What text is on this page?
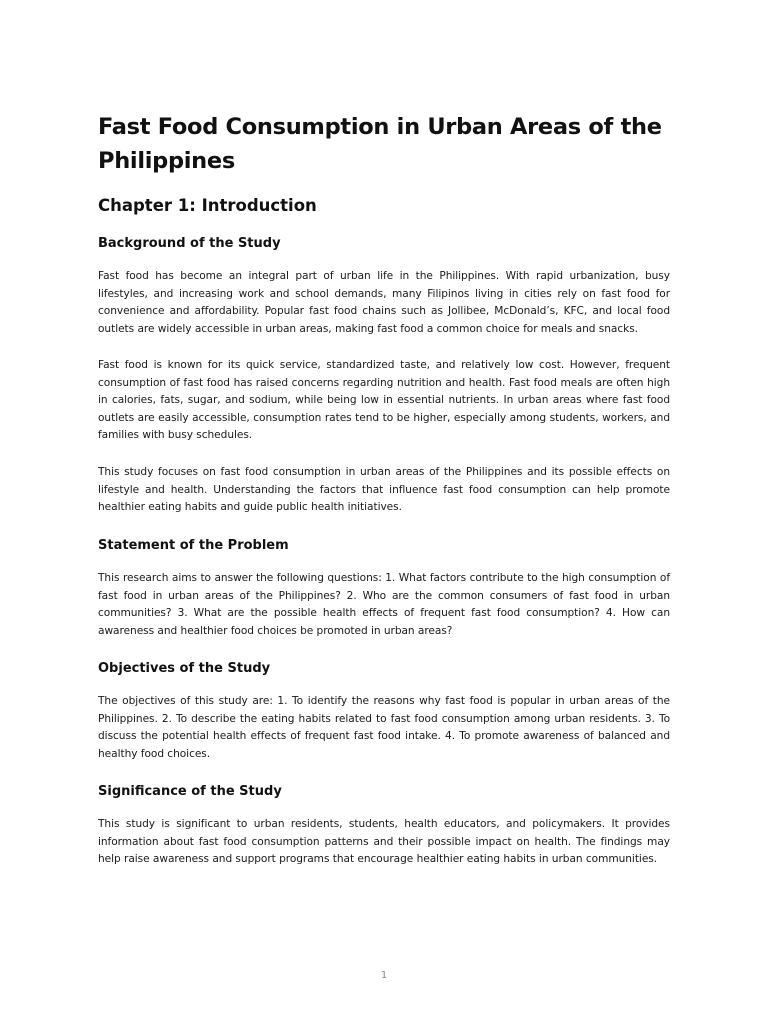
Fast Food Consumption in Urban Areas of the Philippines
Chapter 1: Introduction
Background of the Study

Fast food has become an integral part of urban life in the Philippines. With rapid urbanization, busy lifestyles, and increasing work and school demands, many Filipinos living in cities rely on fast food for convenience and affordability. Popular fast food chains such as Jollibee, McDonald’s, KFC, and local food outlets are widely accessible in urban areas, making fast food a common choice for meals and snacks.

Fast food is known for its quick service, standardized taste, and relatively low cost. However, frequent consumption of fast food has raised concerns regarding nutrition and health. Fast food meals are often high in calories, fats, sugar, and sodium, while being low in essential nutrients. In urban areas where fast food outlets are easily accessible, consumption rates tend to be higher, especially among students, workers, and families with busy schedules.

This study focuses on fast food consumption in urban areas of the Philippines and its possible effects on lifestyle and health. Understanding the factors that influence fast food consumption can help promote healthier eating habits and guide public health initiatives.

Statement of the Problem

This research aims to answer the following questions: 1. What factors contribute to the high consumption of fast food in urban areas of the Philippines? 2. Who are the common consumers of fast food in urban communities? 3. What are the possible health effects of frequent fast food consumption? 4. How can awareness and healthier food choices be promoted in urban areas?

Objectives of the Study

The objectives of this study are: 1. To identify the reasons why fast food is popular in urban areas of the Philippines. 2. To describe the eating habits related to fast food consumption among urban residents. 3. To discuss the potential health effects of frequent fast food intake. 4. To promote awareness of balanced and healthy food choices.

Significance of the Study

This study is significant to urban residents, students, health educators, and policymakers. It provides information about fast food consumption patterns and their possible impact on health. The findings may help raise awareness and support programs that encourage healthier eating habits in urban communities.

1
